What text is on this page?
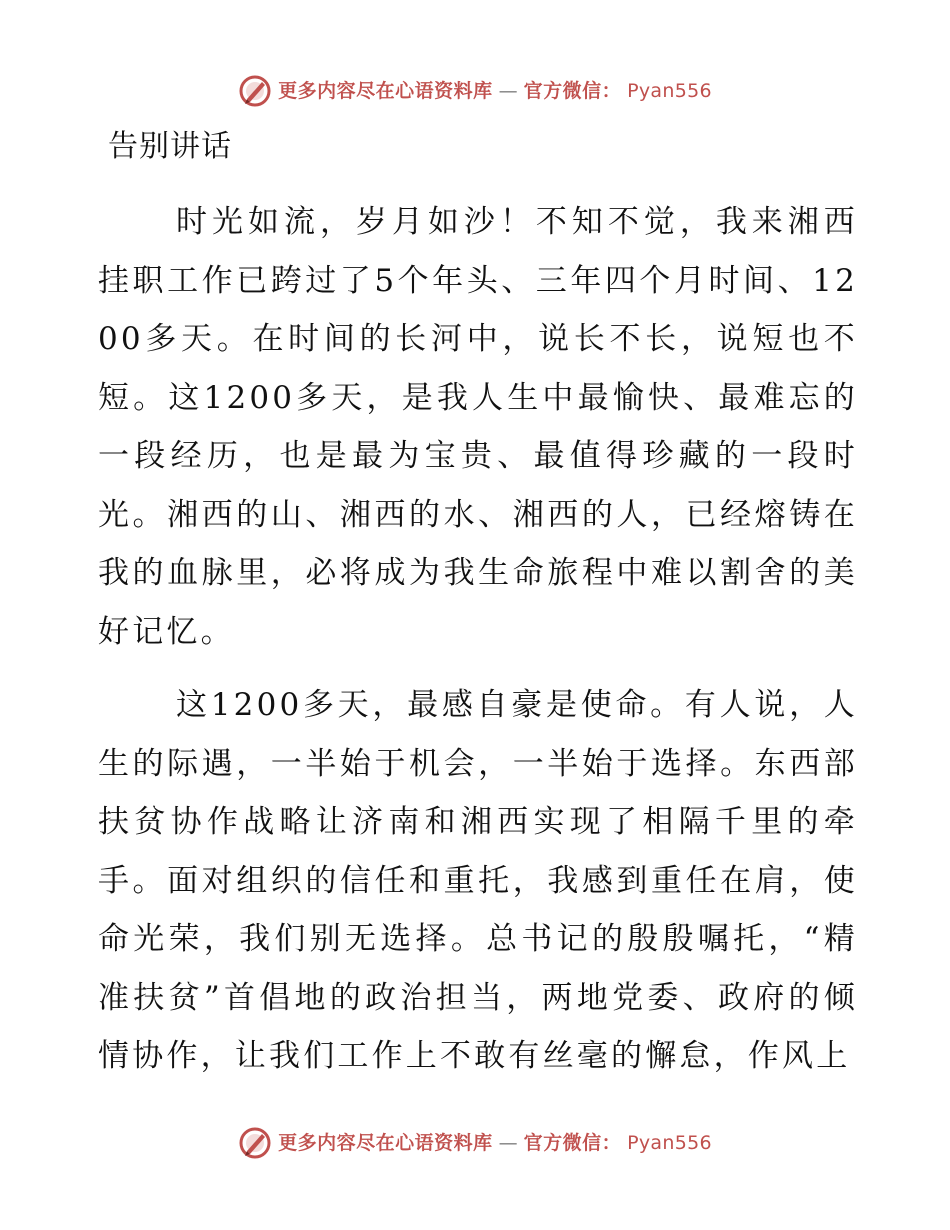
更多内容尽在心语资料库 — 官方微信： Pyan556
告别讲话

时光如流，岁月如沙！不知不觉，我来湘西挂职工作已跨过了5个年头、三年四个月时间、1200多天。在时间的长河中，说长不长，说短也不短。这1200多天，是我人生中最愉快、最难忘的一段经历，也是最为宝贵、最值得珍藏的一段时光。湘西的山、湘西的水、湘西的人，已经熔铸在我的血脉里，必将成为我生命旅程中难以割舍的美好记忆。

这1200多天，最感自豪是使命。有人说，人生的际遇，一半始于机会，一半始于选择。东西部扶贫协作战略让济南和湘西实现了相隔千里的牵手。面对组织的信任和重托，我感到重任在肩，使命光荣，我们别无选择。总书记的殷殷嘱托，“精准扶贫”首倡地的政治担当，两地党委、政府的倾情协作，让我们工作上不敢有丝毫的懈怠，作风上

更多内容尽在心语资料库 — 官方微信： Pyan556
